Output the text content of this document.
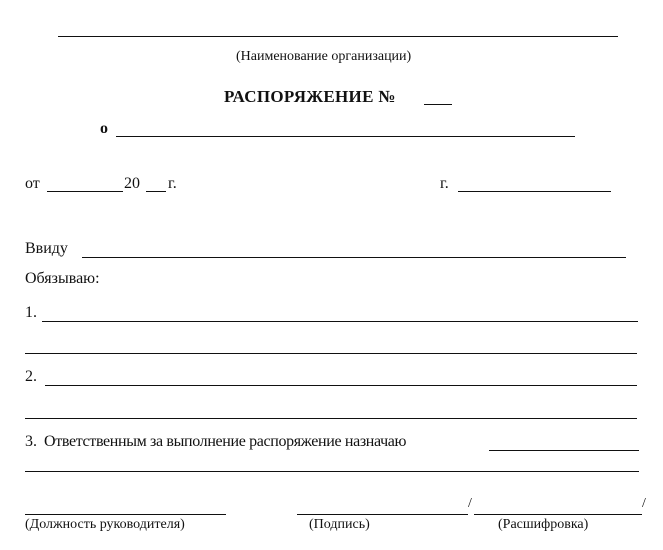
(Наименование организации)
РАСПОРЯЖЕНИЕ №
о
от	20 г.	г.
Ввиду
Обязываю:
1.
2.
3. Ответственным за выполнение распоряжение назначаю
(Должность руководителя)
/
(Подпись)
/
(Расшифровка)
